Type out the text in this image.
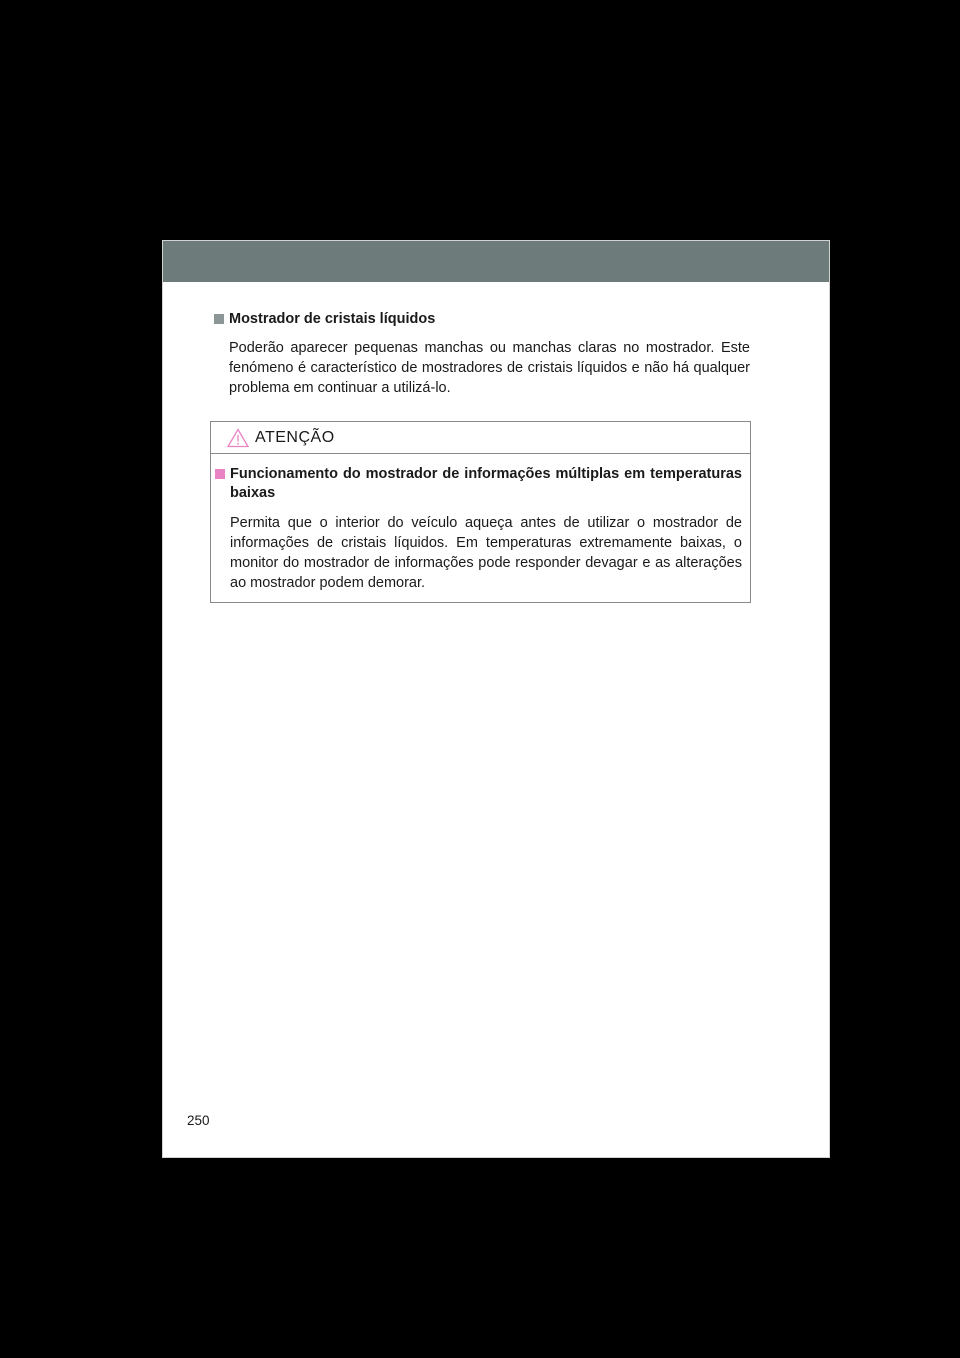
Mostrador de cristais líquidos
Poderão aparecer pequenas manchas ou manchas claras no mostrador. Este fenómeno é característico de mostradores de cristais líquidos e não há qualquer problema em continuar a utilizá-lo.
ATENÇÃO
Funcionamento do mostrador de informações múltiplas em temperaturas baixas
Permita que o interior do veículo aqueça antes de utilizar o mostrador de informações de cristais líquidos. Em temperaturas extremamente baixas, o monitor do mostrador de informações pode responder devagar e as alterações ao mostrador podem demorar.
250
